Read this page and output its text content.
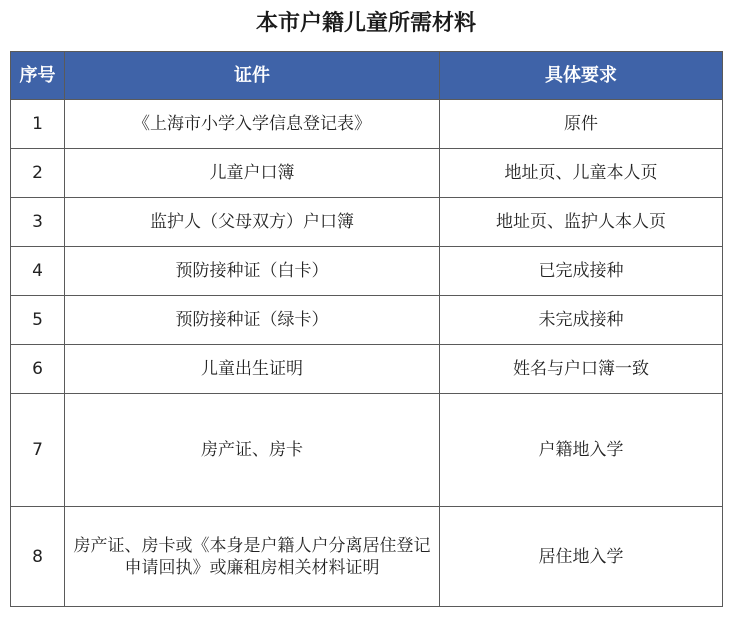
本市户籍儿童所需材料
序号	证件	具体要求
1	《上海市小学入学信息登记表》	原件
2	儿童户口簿	地址页、儿童本人页
3	监护人（父母双方）户口簿	地址页、监护人本人页
4	预防接种证（白卡）	已完成接种
5	预防接种证（绿卡）	未完成接种
6	儿童出生证明	姓名与户口簿一致
7	房产证、房卡	户籍地入学
8	房产证、房卡或《本身是户籍人户分离居住登记申请回执》或廉租房相关材料证明	居住地入学
